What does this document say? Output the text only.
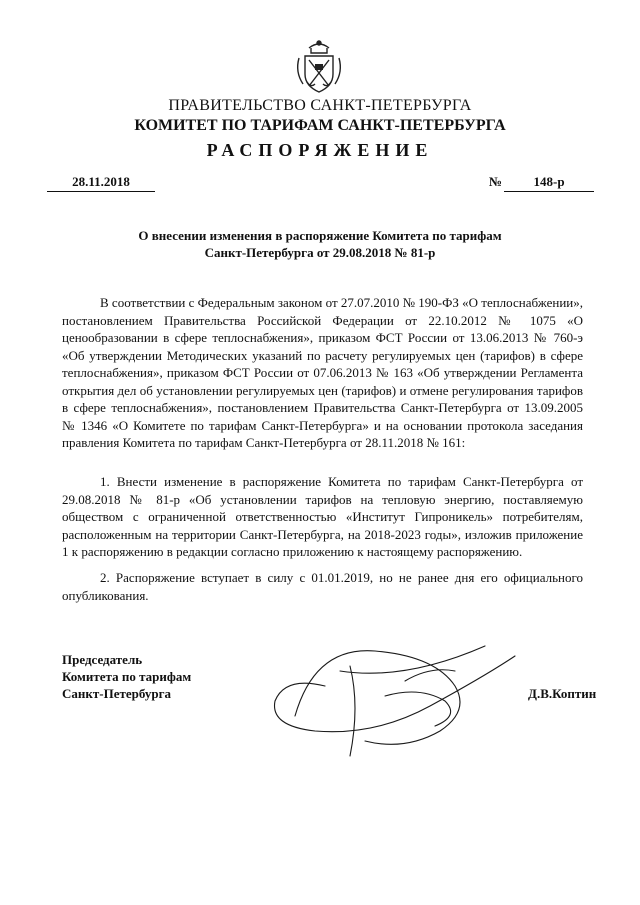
ПРАВИТЕЛЬСТВО САНКТ-ПЕТЕРБУРГА
КОМИТЕТ ПО ТАРИФАМ САНКТ-ПЕТЕРБУРГА
РАСПОРЯЖЕНИЕ
28.11.2018	№ 148-р
О внесении изменения в распоряжение Комитета по тарифам
Санкт-Петербурга от 29.08.2018 № 81-р

В соответствии с Федеральным законом от 27.07.2010 № 190-ФЗ «О теплоснабжении», постановлением Правительства Российской Федерации от 22.10.2012 № 1075 «О ценообразовании в сфере теплоснабжения», приказом ФСТ России от 13.06.2013 № 760-э «Об утверждении Методических указаний по расчету регулируемых цен (тарифов) в сфере теплоснабжения», приказом ФСТ России от 07.06.2013 № 163 «Об утверждении Регламента открытия дел об установлении регулируемых цен (тарифов) и отмене регулирования тарифов в сфере теплоснабжения», постановлением Правительства Санкт-Петербурга от 13.09.2005 № 1346 «О Комитете по тарифам Санкт-Петербурга» и на основании протокола заседания правления Комитета по тарифам Санкт-Петербурга от 28.11.2018 № 161:

1. Внести изменение в распоряжение Комитета по тарифам Санкт-Петербурга от 29.08.2018 № 81-р «Об установлении тарифов на тепловую энергию, поставляемую обществом с ограниченной ответственностью «Институт Гипроникель» потребителям, расположенным на территории Санкт-Петербурга, на 2018-2023 годы», изложив приложение 1 к распоряжению в редакции согласно приложению к настоящему распоряжению.

2. Распоряжение вступает в силу с 01.01.2019, но не ранее дня его официального опубликования.

Председатель
Комитета по тарифам
Санкт-Петербурга	Д.В.Коптин
